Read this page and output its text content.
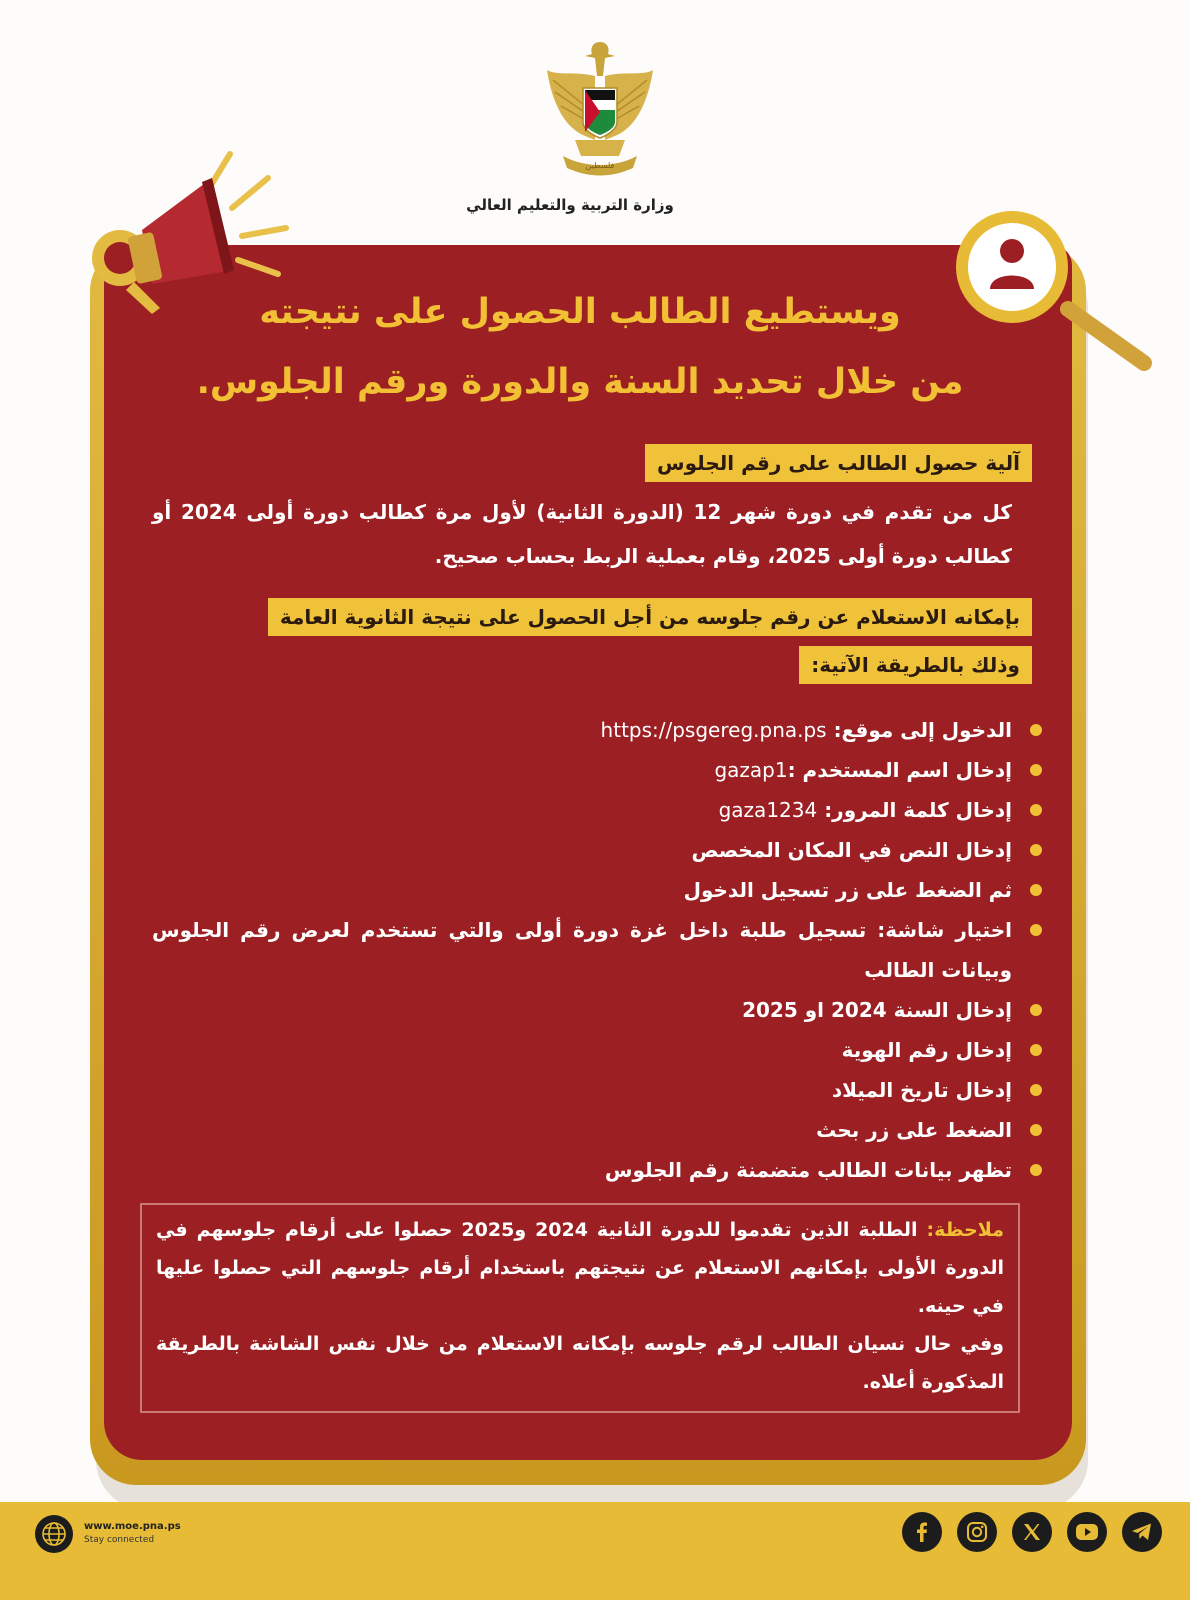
فلسطين
وزارة التربية والتعليم العالي
ويستطيع الطالب الحصول على نتيجته
من خلال تحديد السنة والدورة ورقم الجلوس.
آلية حصول الطالب على رقم الجلوس
كل من تقدم في دورة شهر 12 (الدورة الثانية) لأول مرة كطالب دورة أولى 2024 أو كطالب دورة أولى 2025، وقام بعملية الربط بحساب صحيح.
بإمكانه الاستعلام عن رقم جلوسه من أجل الحصول على نتيجة الثانوية العامة
وذلك بالطريقة الآتية:
الدخول إلى موقع: https://psgereg.pna.ps
إدخال اسم المستخدم :gazap1
إدخال كلمة المرور: gaza1234
إدخال النص في المكان المخصص
ثم الضغط على زر تسجيل الدخول
اختيار شاشة: تسجيل طلبة داخل غزة دورة أولى والتي تستخدم لعرض رقم الجلوس وبيانات الطالب
إدخال السنة 2024 او 2025
إدخال رقم الهوية
إدخال تاريخ الميلاد
الضغط على زر بحث
تظهر بيانات الطالب متضمنة رقم الجلوس
ملاحظة: الطلبة الذين تقدموا للدورة الثانية 2024 و2025 حصلوا على أرقام جلوسهم في الدورة الأولى بإمكانهم الاستعلام عن نتيجتهم باستخدام أرقام جلوسهم التي حصلوا عليها في حينه.
وفي حال نسيان الطالب لرقم جلوسه بإمكانه الاستعلام من خلال نفس الشاشة بالطريقة المذكورة أعلاه.
www.moe.pna.ps
Stay connected
